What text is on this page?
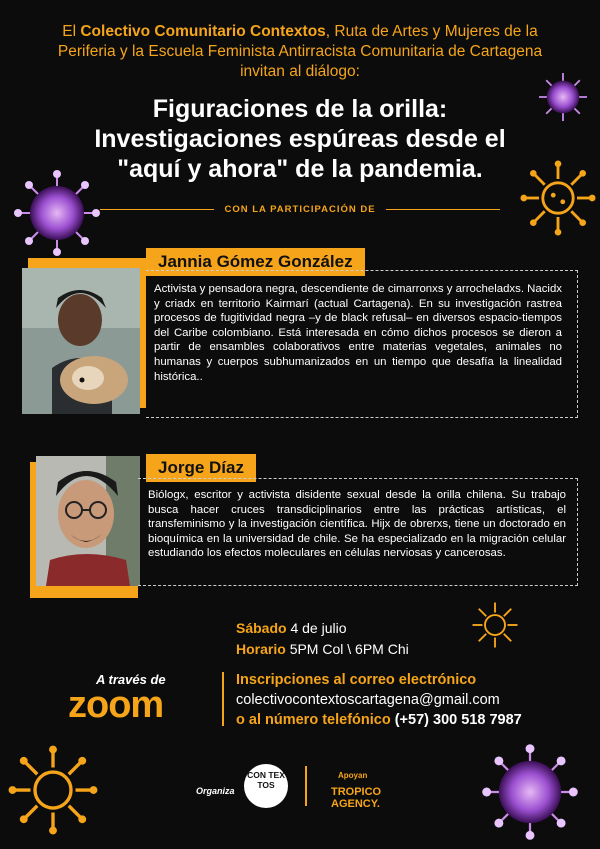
El Colectivo Comunitario Contextos, Ruta de Artes y Mujeres de la Periferia y la Escuela Feminista Antirracista Comunitaria de Cartagena invitan al diálogo:
Figuraciones de la orilla:
Investigaciones espúreas desde el
"aquí y ahora" de la pandemia.
CON LA PARTICIPACIÓN DE
Jannia Gómez González
Activista y pensadora negra, descendiente de cimarronxs y arrocheladxs. Nacidx y criadx en territorio Kairmarí (actual Cartagena). En su investigación rastrea procesos de fugitividad negra –y de black refusal– en diversos espacio-tiempos del Caribe colombiano. Está interesada en cómo dichos procesos se dieron a partir de ensambles colaborativos entre materias vegetales, animales no humanas y cuerpos subhumanizados en un tiempo que desafía la linealidad histórica..
Jorge Díaz
Biólogx, escritor y activista disidente sexual desde la orilla chilena. Su trabajo busca hacer cruces transdiciplinarios entre las prácticas artísticas, el transfeminismo y la investigación científica. Hijx de obrerxs, tiene un doctorado en bioquímica en la universidad de chile. Se ha especializado en la migración celular estudiando los efectos moleculares en células nerviosas y cancerosas.
Sábado 4 de julio
Horario 5PM Col \ 6PM Chi
A través de
zoom
Inscripciones al correo electrónico
colectivocontextoscartagena@gmail.com
o al número telefónico (+57) 300 518 7987
Organiza
CON TEX TOS
Apoyan
TROPICO
AGENCY.
